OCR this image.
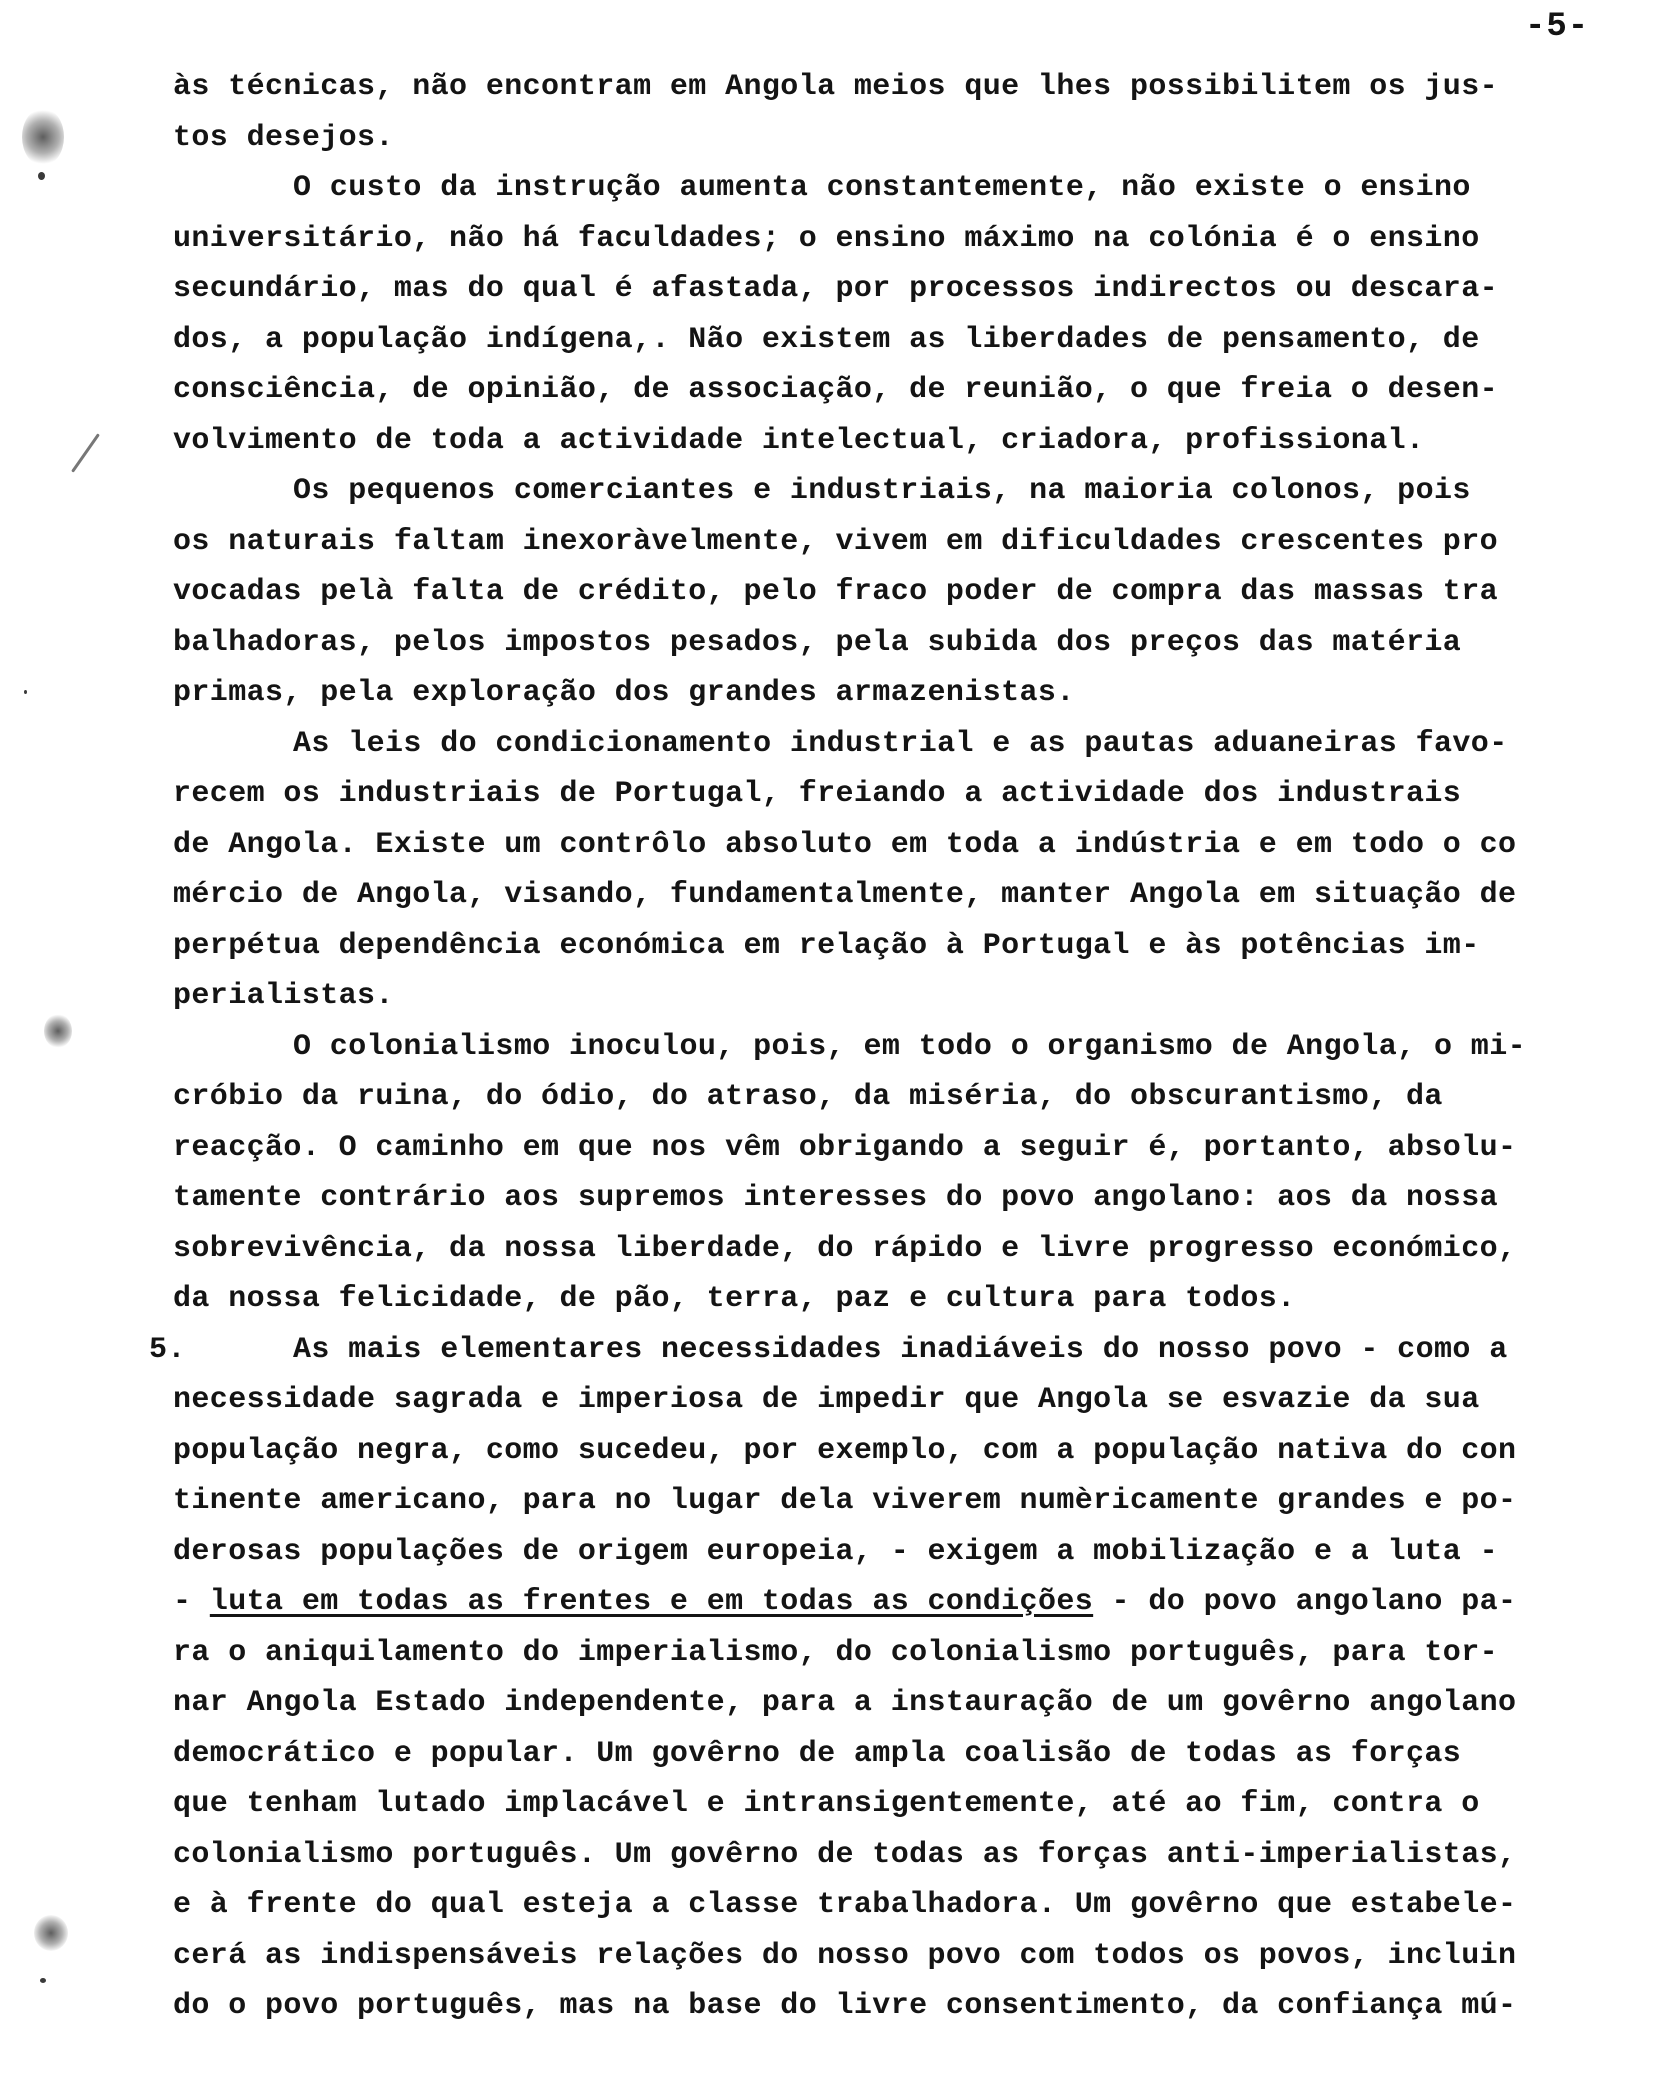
-5-
às técnicas, não encontram em Angola meios que lhes possibilitem os jus-
tos desejos.
O custo da instrução aumenta constantemente, não existe o ensino
universitário, não há faculdades; o ensino máximo na colónia é o ensino
secundário, mas do qual é afastada, por processos indirectos ou descara-
dos, a população indígena,. Não existem as liberdades de pensamento, de
consciência, de opinião, de associação, de reunião, o que freia o desen-
volvimento de toda a actividade intelectual, criadora, profissional.
Os pequenos comerciantes e industriais, na maioria colonos, pois
os naturais faltam inexoràvelmente, vivem em dificuldades crescentes pro
vocadas pelà falta de crédito, pelo fraco poder de compra das massas tra
balhadoras, pelos impostos pesados, pela subida dos preços das matéria
primas, pela exploração dos grandes armazenistas.
As leis do condicionamento industrial e as pautas aduaneiras favo-
recem os industriais de Portugal, freiando a actividade dos industrais
de Angola. Existe um contrôlo absoluto em toda a indústria e em todo o co
mércio de Angola, visando, fundamentalmente, manter Angola em situação de
perpétua dependência económica em relação à Portugal e às potências im-
perialistas.
O colonialismo inoculou, pois, em todo o organismo de Angola, o mi-
cróbio da ruina, do ódio, do atraso, da miséria, do obscurantismo, da
reacção. O caminho em que nos vêm obrigando a seguir é, portanto, absolu-
tamente contrário aos supremos interesses do povo angolano: aos da nossa
sobrevivência, da nossa liberdade, do rápido e livre progresso económico,
da nossa felicidade, de pão, terra, paz e cultura para todos.
5.	As mais elementares necessidades inadiáveis do nosso povo - como a
necessidade sagrada e imperiosa de impedir que Angola se esvazie da sua
população negra, como sucedeu, por exemplo, com a população nativa do con
tinente americano, para no lugar dela viverem numèricamente grandes e po-
derosas populações de origem europeia, - exigem a mobilização e a luta -
- luta em todas as frentes e em todas as condições - do povo angolano pa-
ra o aniquilamento do imperialismo, do colonialismo português, para tor-
nar Angola Estado independente, para a instauração de um govêrno angolano
democrático e popular. Um govêrno de ampla coalisão de todas as forças
que tenham lutado implacável e intransigentemente, até ao fim, contra o
colonialismo português. Um govêrno de todas as forças anti-imperialistas,
e à frente do qual esteja a classe trabalhadora. Um govêrno que estabele-
cerá as indispensáveis relações do nosso povo com todos os povos, incluin
do o povo português, mas na base do livre consentimento, da confiança mú-
